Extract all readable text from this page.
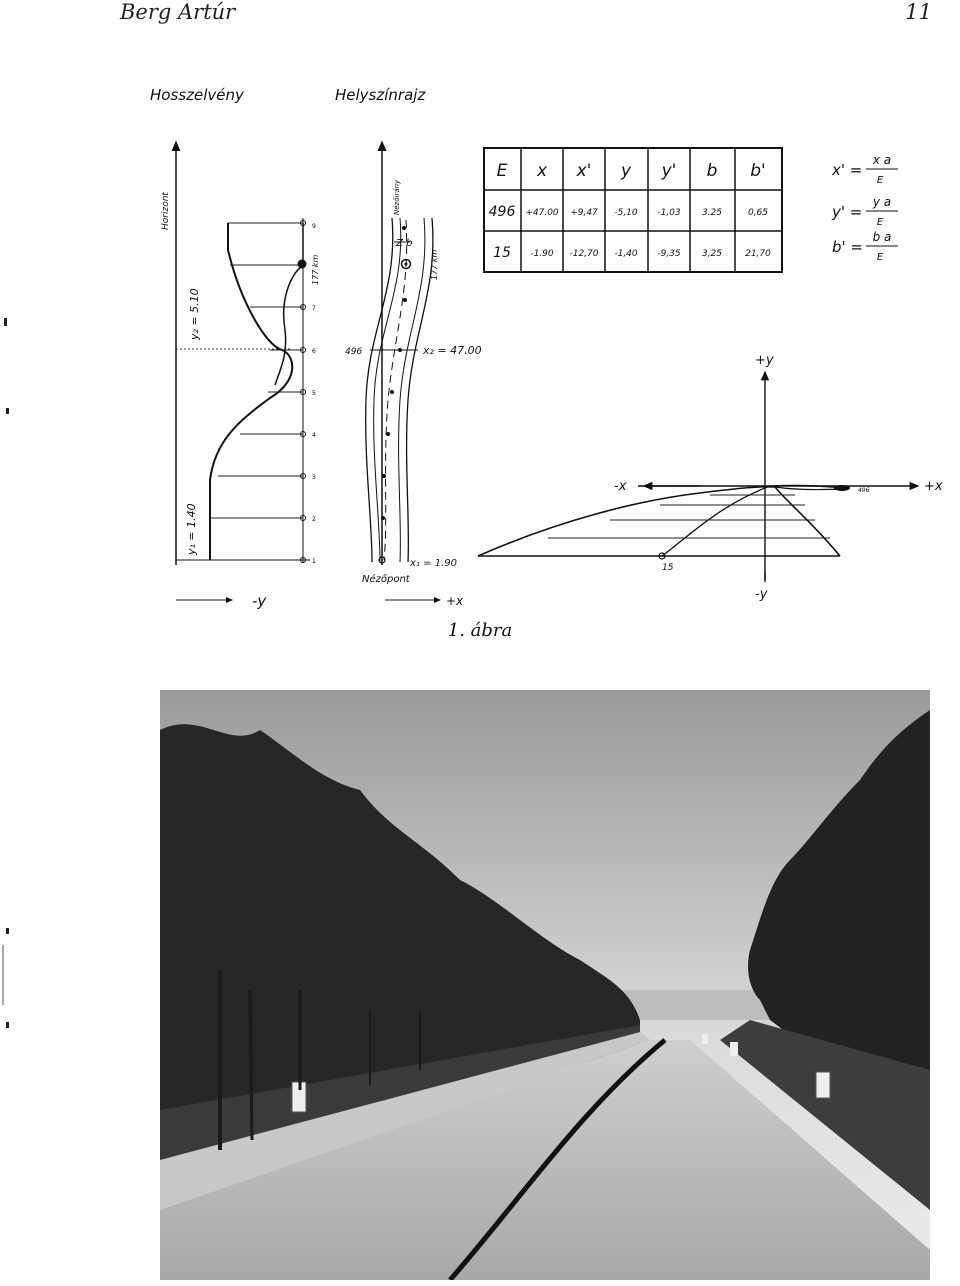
Berg Artúr	11
Hosszelvény	Helyszínrajz
Horizont
y₂ = 5.10
y₁ = 1.40
177 km
9
7
6
5
4
3
2
1
-y
Nézőirány
Z b
177 km
496	x₂ = 47.00
x₁ = 1.90
Nézőpont
+x
E x x' y y' b b'
496 +47.00 +9,47 -5,10 -1,03 3.25	0,65
15 -1.90 -12,70 -1,40 -9,35 3,25	21,70
x' =
x a
E
y' =
y a
E
b' =
b a
E
+y
-y
-x	+x
496
15
1. ábra
